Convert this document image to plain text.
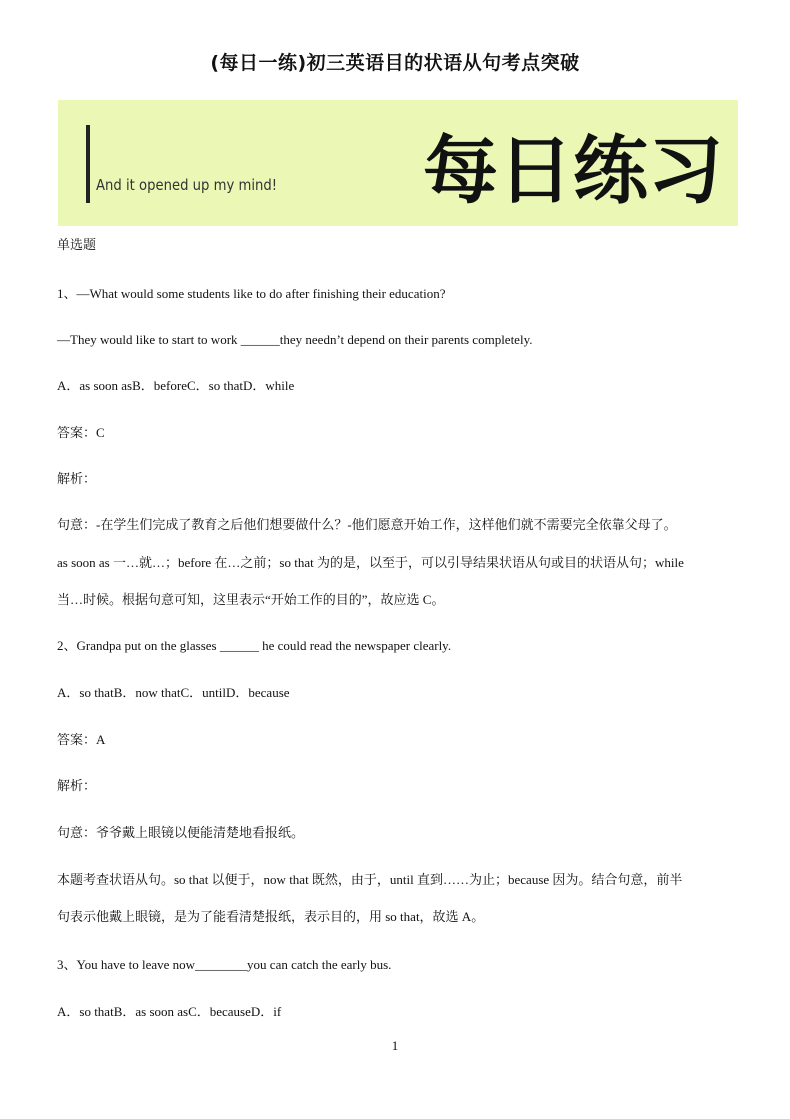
(每日一练)初三英语目的状语从句考点突破
And it opened up my mind! 每日练习
单选题
1、—What would some students like to do after finishing their education?
—They would like to start to work ______they needn’t depend on their parents completely.
A．as soon asB．beforeC．so thatD．while
答案：C
解析：
句意：-在学生们完成了教育之后他们想要做什么？-他们愿意开始工作，这样他们就不需要完全依靠父母了。
as soon as 一…就…；before 在…之前；so that 为的是，以至于，可以引导结果状语从句或目的状语从句；while
当…时候。根据句意可知，这里表示“开始工作的目的”，故应选 C。
2、Grandpa put on the glasses ______ he could read the newspaper clearly.
A．so thatB．now thatC．untilD．because
答案：A
解析：
句意：爷爷戴上眼镜以便能清楚地看报纸。
本题考查状语从句。so that 以便于，now that 既然，由于，until 直到……为止；because 因为。结合句意，前半
句表示他戴上眼镜，是为了能看清楚报纸，表示目的，用 so that，故选 A。
3、You have to leave now________you can catch the early bus.
A．so thatB．as soon asC．becauseD．if
1
